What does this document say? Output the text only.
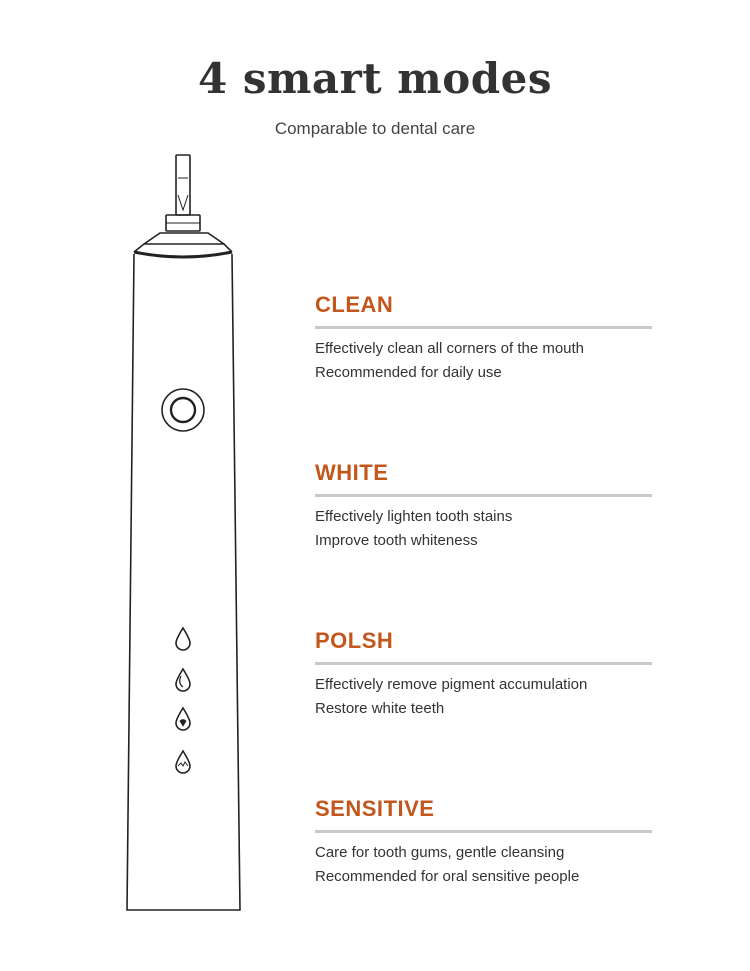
4 smart modes
Comparable to dental care
CLEAN
Effectively clean all corners of the mouth
Recommended for daily use
WHITE
Effectively lighten tooth stains
Improve tooth whiteness
POLSH
Effectively remove pigment accumulation
Restore white teeth
SENSITIVE
Care for tooth gums, gentle cleansing
Recommended for oral sensitive people
